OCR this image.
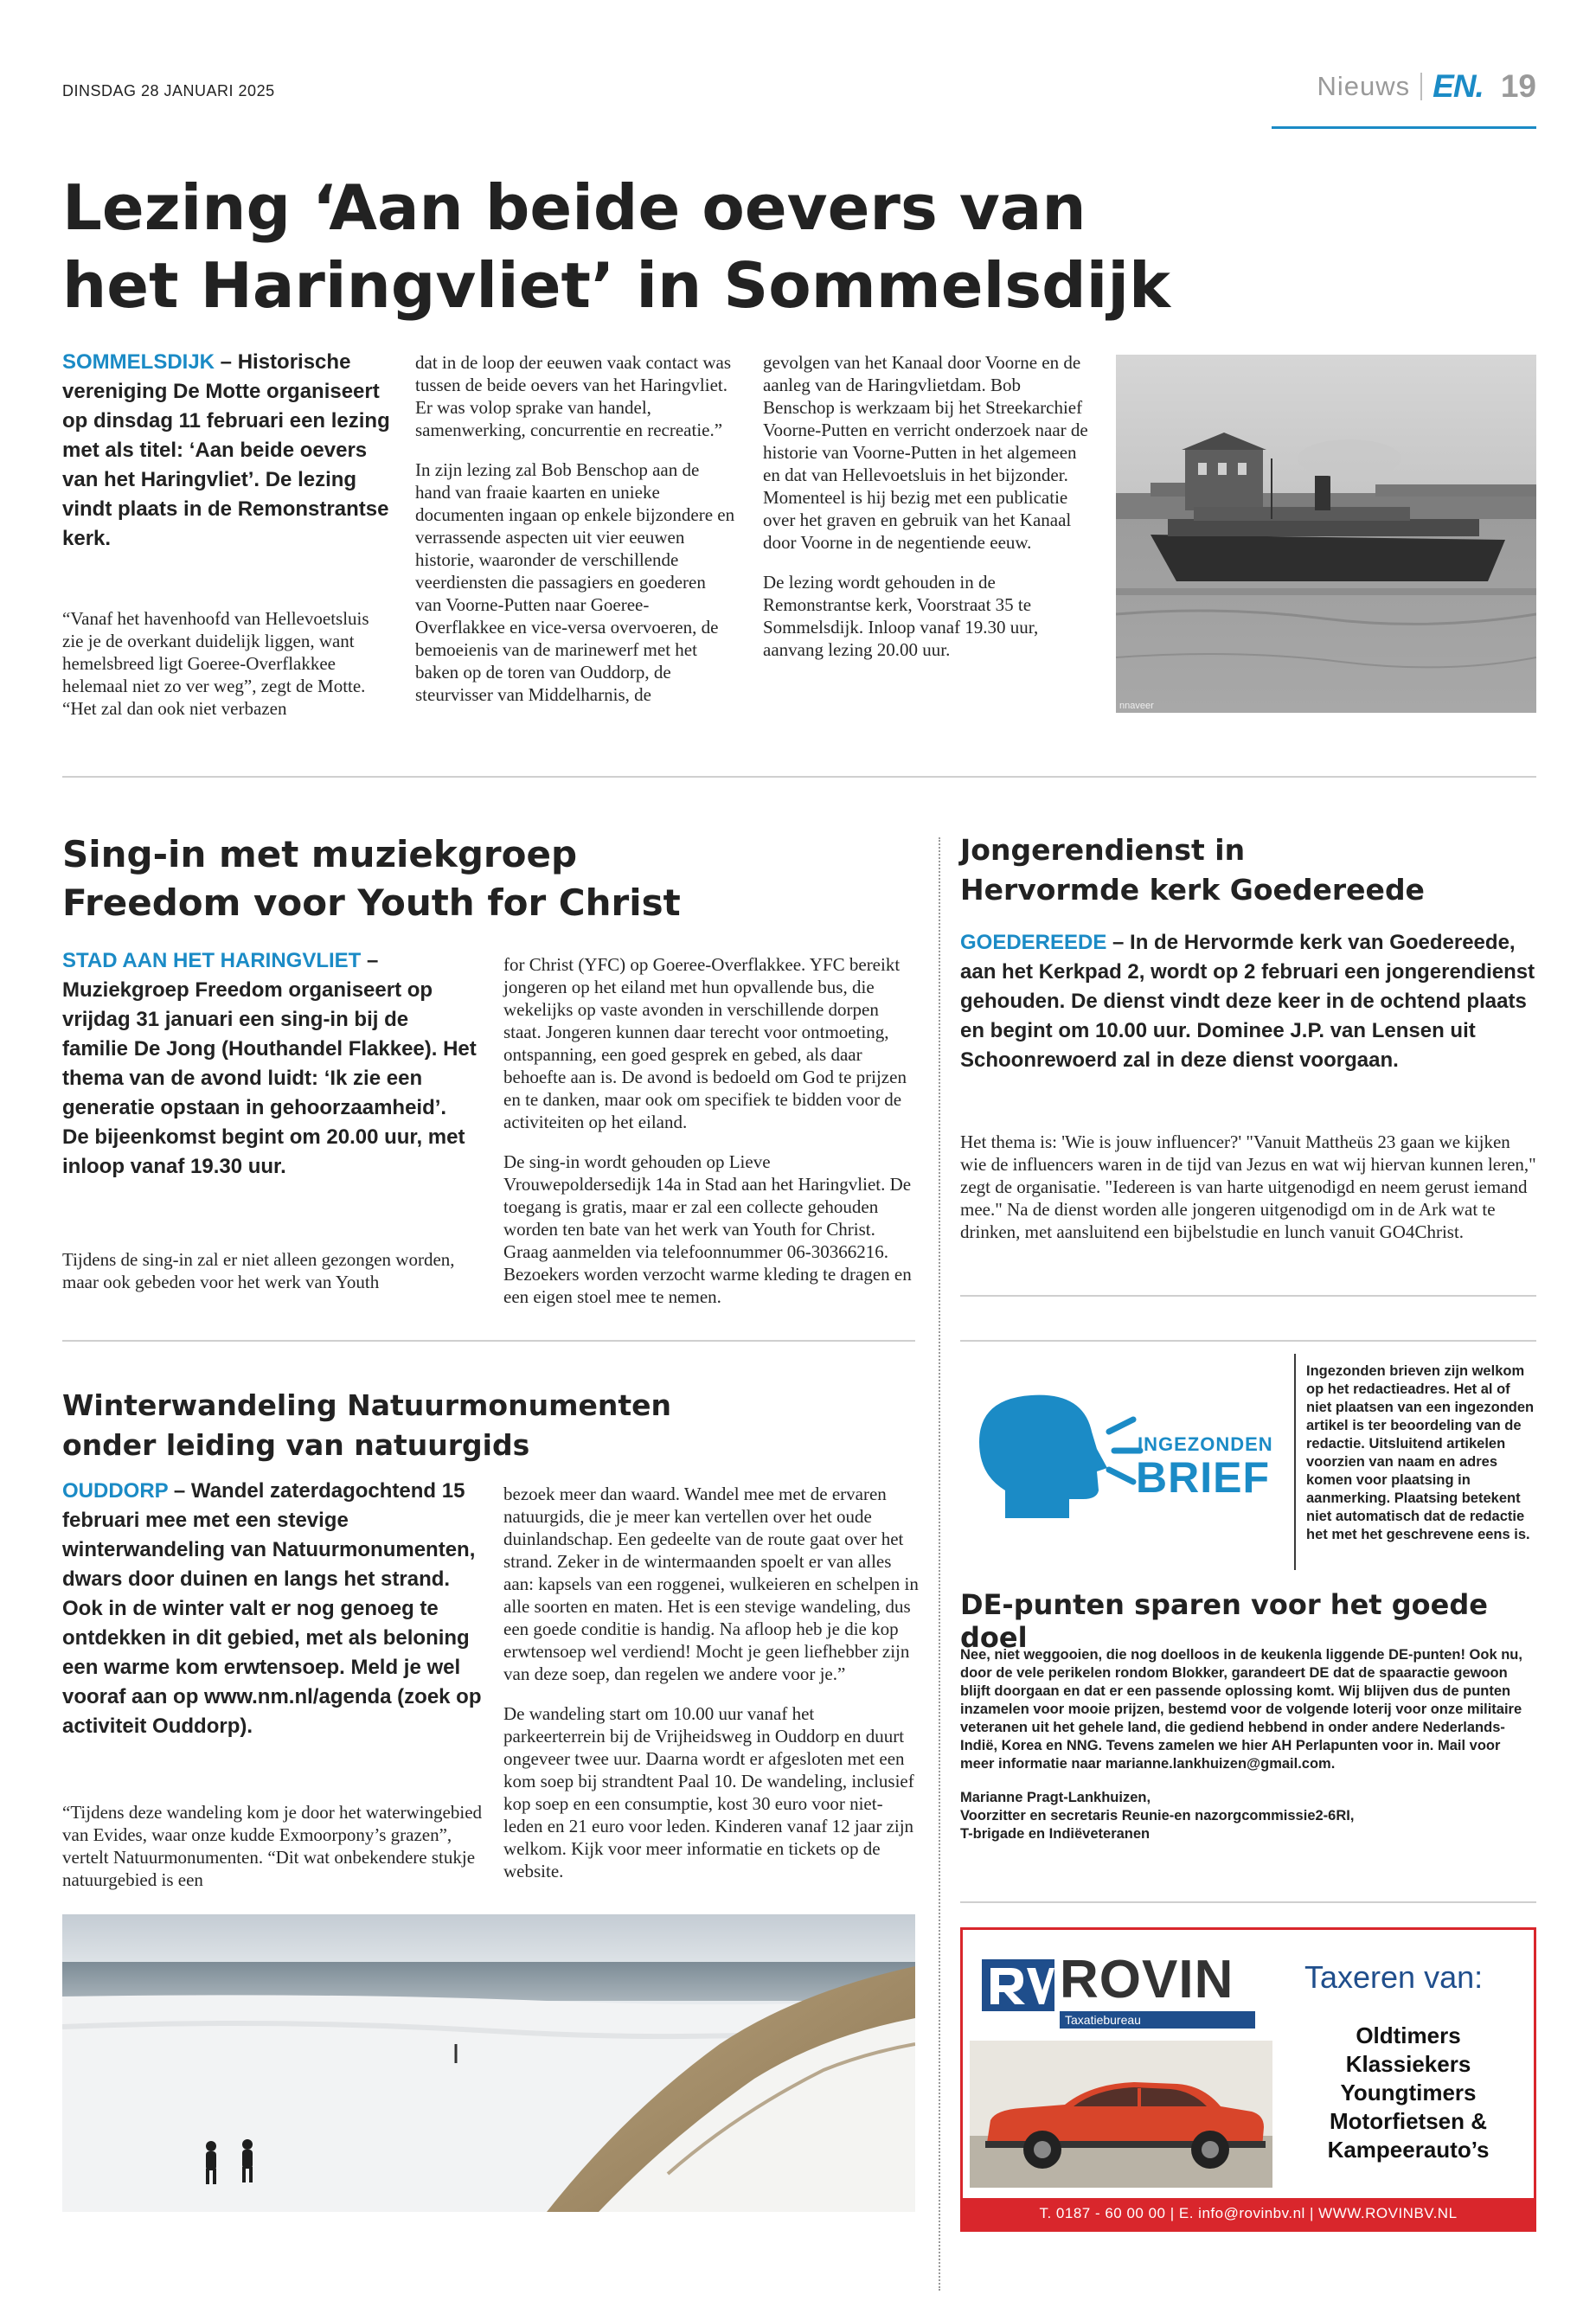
DINSDAG 28 JANUARI 2025	Nieuws EN. 19
Lezing ‘Aan beide oevers van
het Haringvliet’ in Sommelsdijk
SOMMELSDIJK – Historische vereniging De Motte organiseert op dinsdag 11 februari een lezing met als titel: ‘Aan beide oevers van het Haringvliet’. De lezing vindt plaats in de Remonstrantse kerk.

“Vanaf het havenhoofd van Hellevoetsluis zie je de overkant duidelijk liggen, want hemelsbreed ligt Goeree-Overflakkee helemaal niet zo ver weg”, zegt de Motte. “Het zal dan ook niet verbazen

dat in de loop der eeuwen vaak contact was tussen de beide oevers van het Haringvliet. Er was volop sprake van handel, samenwerking, concurrentie en recreatie.”

In zijn lezing zal Bob Benschop aan de hand van fraaie kaarten en unieke documenten ingaan op enkele bijzondere en verrassende aspecten uit vier eeuwen historie, waaronder de verschillende veerdiensten die passagiers en goederen van Voorne-Putten naar Goeree-Overflakkee en vice-versa overvoeren, de bemoeienis van de marinewerf met het baken op de toren van Ouddorp, de steurvisser van Middelharnis, de

gevolgen van het Kanaal door Voorne en de aanleg van de Haringvlietdam. Bob Benschop is werkzaam bij het Streekarchief Voorne-Putten en verricht onderzoek naar de historie van Voorne-Putten in het algemeen en dat van Hellevoetsluis in het bijzonder. Momenteel is hij bezig met een publicatie over het graven en gebruik van het Kanaal door Voorne in de negentiende eeuw.

De lezing wordt gehouden in de Remonstrantse kerk, Voorstraat 35 te Sommelsdijk. Inloop vanaf 19.30 uur, aanvang lezing 20.00 uur.

nnaveer
Sing-in met muziekgroep
Freedom voor Youth for Christ
STAD AAN HET HARINGVLIET – Muziekgroep Freedom organiseert op vrijdag 31 januari een sing-in bij de familie De Jong (Houthandel Flakkee). Het thema van de avond luidt: ‘Ik zie een generatie opstaan in gehoorzaamheid’. De bijeenkomst begint om 20.00 uur, met inloop vanaf 19.30 uur.

Tijdens de sing-in zal er niet alleen gezongen worden, maar ook gebeden voor het werk van Youth

for Christ (YFC) op Goeree-Overflakkee. YFC bereikt jongeren op het eiland met hun opvallende bus, die wekelijks op vaste avonden in verschillende dorpen staat. Jongeren kunnen daar terecht voor ontmoeting, ontspanning, een goed gesprek en gebed, als daar behoefte aan is. De avond is bedoeld om God te prijzen en te danken, maar ook om specifiek te bidden voor de activiteiten op het eiland.

De sing-in wordt gehouden op Lieve Vrouwepoldersedijk 14a in Stad aan het Haringvliet. De toegang is gratis, maar er zal een collecte gehouden worden ten bate van het werk van Youth for Christ. Graag aanmelden via telefoonnummer 06-30366216. Bezoekers worden verzocht warme kleding te dragen en een eigen stoel mee te nemen.

Jongerendienst in
Hervormde kerk Goedereede
GOEDEREEDE – In de Hervormde kerk van Goedereede, aan het Kerkpad 2, wordt op 2 februari een jongerendienst gehouden. De dienst vindt deze keer in de ochtend plaats en begint om 10.00 uur. Dominee J.P. van Lensen uit Schoonrewoerd zal in deze dienst voorgaan.

Het thema is: 'Wie is jouw influencer?' "Vanuit Mattheüs 23 gaan we kijken wie de influencers waren in de tijd van Jezus en wat wij hiervan kunnen leren," zegt de organisatie. "Iedereen is van harte uitgenodigd en neem gerust iemand mee." Na de dienst worden alle jongeren uitgenodigd om in de Ark wat te drinken, met aansluitend een bijbelstudie en lunch vanuit GO4Christ.

Winterwandeling Natuurmonumenten
onder leiding van natuurgids
OUDDORP – Wandel zaterdagochtend 15 februari mee met een stevige winterwandeling van Natuurmonumenten, dwars door duinen en langs het strand. Ook in de winter valt er nog genoeg te ontdekken in dit gebied, met als beloning een warme kom erwtensoep. Meld je wel vooraf aan op www.nm.nl/agenda (zoek op activiteit Ouddorp).

“Tijdens deze wandeling kom je door het waterwingebied van Evides, waar onze kudde Exmoorpony’s grazen”, vertelt Natuurmonumenten. “Dit wat onbekendere stukje natuurgebied is een

bezoek meer dan waard. Wandel mee met de ervaren natuurgids, die je meer kan vertellen over het oude duinlandschap. Een gedeelte van de route gaat over het strand. Zeker in de wintermaanden spoelt er van alles aan: kapsels van een roggenei, wulkeieren en schelpen in alle soorten en maten. Het is een stevige wandeling, dus een goede conditie is handig. Na afloop heb je die kop erwtensoep wel verdiend! Mocht je geen liefhebber zijn van deze soep, dan regelen we andere voor je.”

De wandeling start om 10.00 uur vanaf het parkeerterrein bij de Vrijheidsweg in Ouddorp en duurt ongeveer twee uur. Daarna wordt er afgesloten met een kom soep bij strandtent Paal 10. De wandeling, inclusief kop soep en een consumptie, kost 30 euro voor niet-leden en 21 euro voor leden. Kinderen vanaf 12 jaar zijn welkom. Kijk voor meer informatie en tickets op de website.

INGEZONDEN
BRIEF
Ingezonden brieven zijn welkom op het redactieadres. Het al of niet plaatsen van een ingezonden artikel is ter beoordeling van de redactie. Uitsluitend artikelen voorzien van naam en adres komen voor plaatsing in aanmerking. Plaatsing betekent niet automatisch dat de redactie het met het geschrevene eens is.
DE-punten sparen voor het goede doel

Nee, niet weggooien, die nog doelloos in de keukenla liggende DE-punten! Ook nu, door de vele perikelen rondom Blokker, garandeert DE dat de spaaractie gewoon blijft doorgaan en dat er een passende oplossing komt. Wij blijven dus de punten inzamelen voor mooie prijzen, bestemd voor de volgende loterij voor onze militaire veteranen uit het gehele land, die gediend hebbend in onder andere Nederlands-Indië, Korea en NNG. Tevens zamelen we hier AH Perlapunten voor in. Mail voor meer informatie naar marianne.lankhuizen@gmail.com.

Marianne Pragt-Lankhuizen,

Voorzitter en secretaris Reunie-en nazorgcommissie2-6RI,

T-brigade en Indiëveteranen

ROVIN
Taxatiebureau
Taxeren van:
Oldtimers
Klassiekers
Youngtimers
Motorfietsen &
Kampeerauto’s
T. 0187 - 60 00 00 | E. info@rovinbv.nl | WWW.ROVINBV.NL
